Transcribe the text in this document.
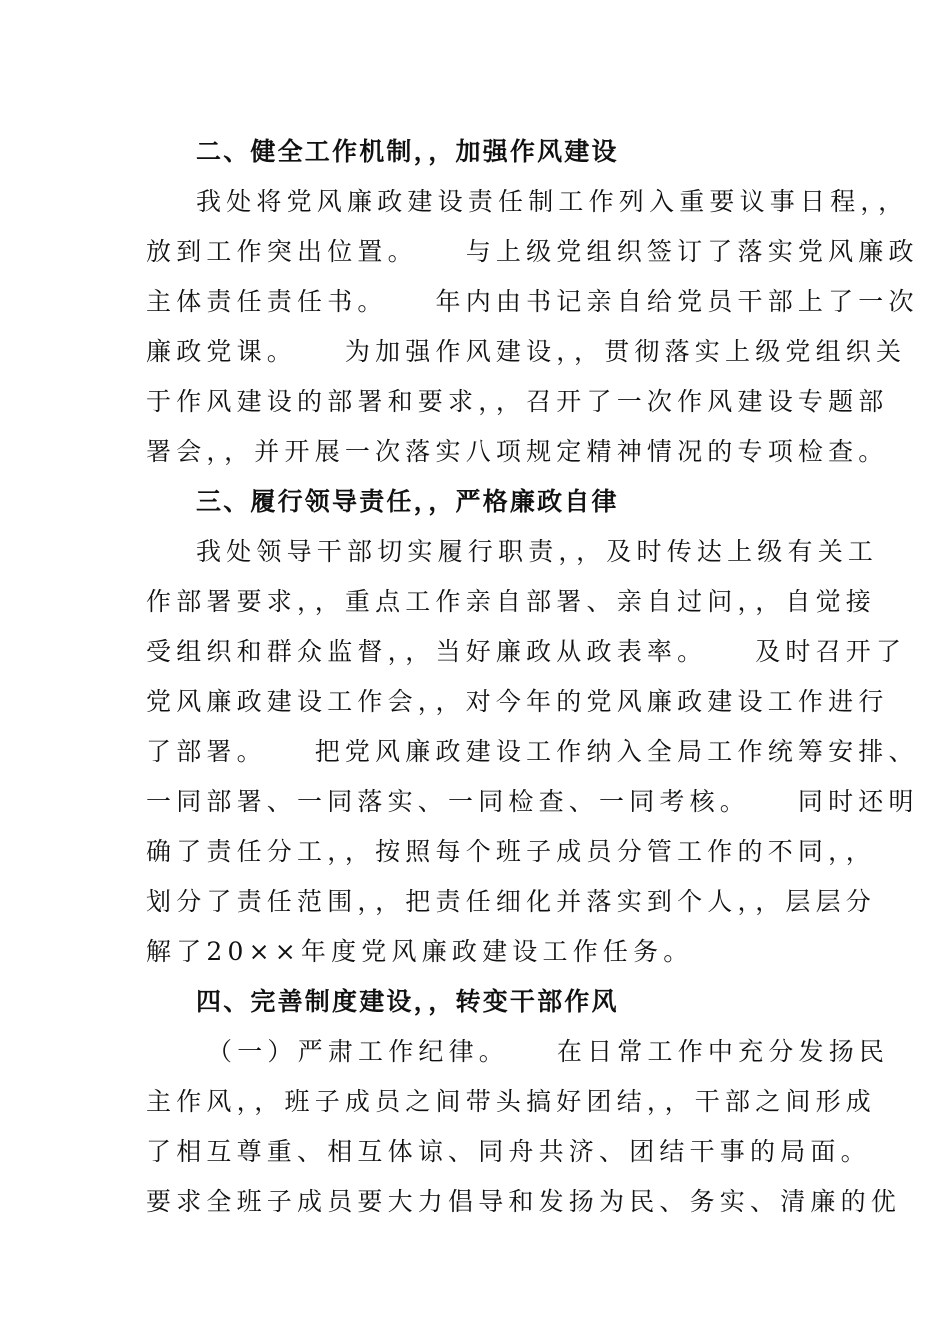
二、健全工作机制，，加强作风建设
我处将党风廉政建设责任制工作列入重要议事日程，，
放到工作突出位置。　　与上级党组织签订了落实党风廉政
主体责任责任书。　　年内由书记亲自给党员干部上了一次
廉政党课。　　为加强作风建设，，贯彻落实上级党组织关
于作风建设的部署和要求，，召开了一次作风建设专题部
署会，，并开展一次落实八项规定精神情况的专项检查。
三、履行领导责任，，严格廉政自律
我处领导干部切实履行职责，，及时传达上级有关工
作部署要求，，重点工作亲自部署、亲自过问，，自觉接
受组织和群众监督，，当好廉政从政表率。　　及时召开了
党风廉政建设工作会，，对今年的党风廉政建设工作进行
了部署。　　把党风廉政建设工作纳入全局工作统筹安排、
一同部署、一同落实、一同检查、一同考核。　　同时还明
确了责任分工，，按照每个班子成员分管工作的不同，，
划分了责任范围，，把责任细化并落实到个人，，层层分
解了20××年度党风廉政建设工作任务。
四、完善制度建设，，转变干部作风
（一）严肃工作纪律。　　在日常工作中充分发扬民
主作风，，班子成员之间带头搞好团结，，干部之间形成
了相互尊重、相互体谅、同舟共济、团结干事的局面。
要求全班子成员要大力倡导和发扬为民、务实、清廉的优
